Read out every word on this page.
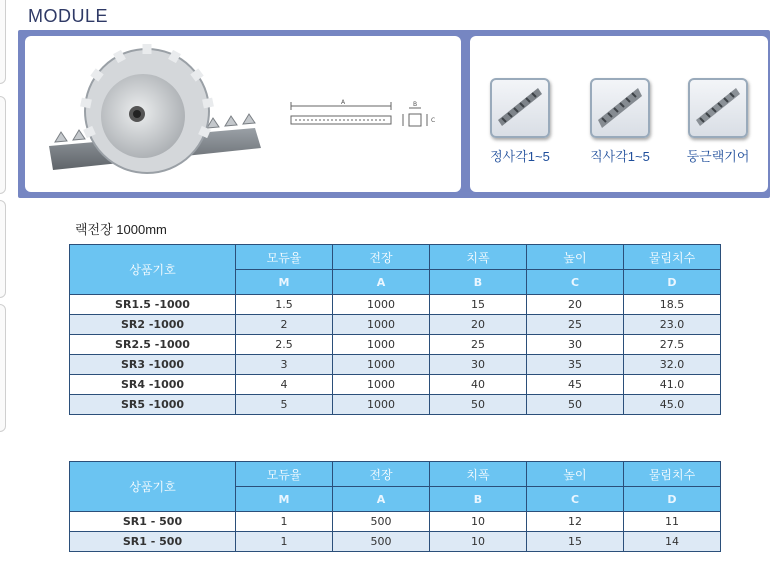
MODULE
A	B
C
정사각1~5	직사각1~5	둥근랙기어
랙전장 1000mm
상품기호	모듀율	전장	치폭	높이	물림치수
	M	A	B	C	D
SR1.5 -1000	1.5	1000	15	20	18.5
SR2 -1000	2	1000	20	25	23.0
SR2.5 -1000	2.5	1000	25	30	27.5
SR3 -1000	3	1000	30	35	32.0
SR4 -1000	4	1000	40	45	41.0
SR5 -1000	5	1000	50	50	45.0
상품기호	모듀율	전장	치폭	높이	물림치수
	M	A	B	C	D
SR1 - 500	1	500	10	12	11
SR1 - 500	1	500	10	15	14
